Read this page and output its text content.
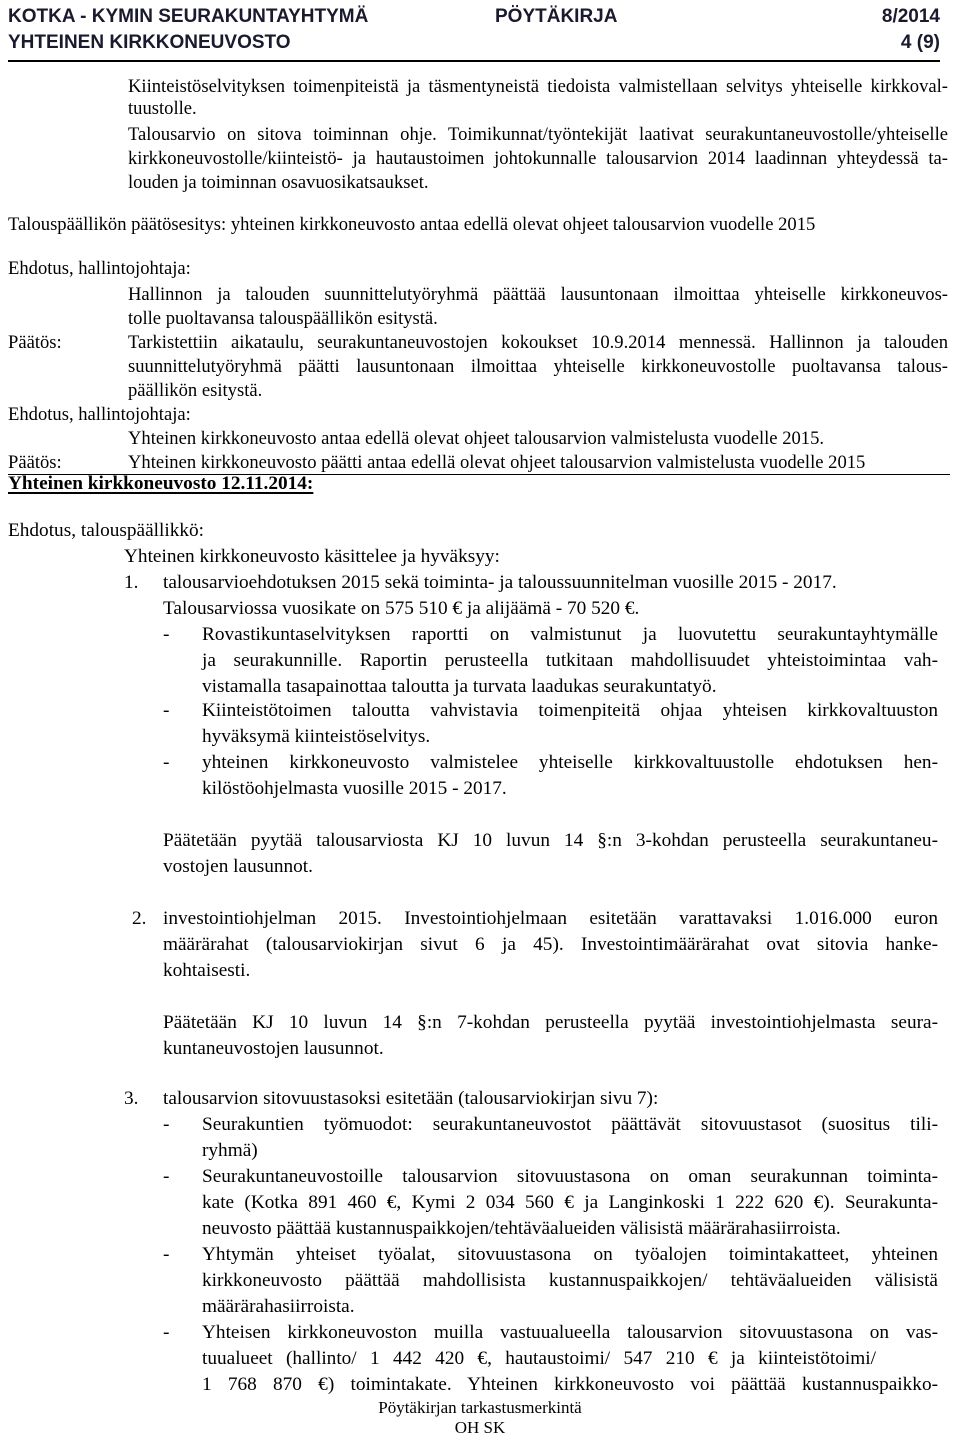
KOTKA - KYMIN SEURAKUNTAYHTYMÄ	PÖYTÄKIRJA	8/2014
YHTEINEN KIRKKONEUVOSTO	4 (9)
Kiinteistöselvityksen toimenpiteistä ja täsmentyneistä tiedoista valmistellaan selvitys yhteiselle kirkkoval-
tuustolle.
Talousarvio on sitova toiminnan ohje. Toimikunnat/työntekijät laativat seurakuntaneuvostolle/yhteiselle
kirkkoneuvostolle/kiinteistö- ja hautaustoimen johtokunnalle talousarvion 2014 laadinnan yhteydessä ta-
louden ja toiminnan osavuosikatsaukset.
Talouspäällikön päätösesitys: yhteinen kirkkoneuvosto antaa edellä olevat ohjeet talousarvion vuodelle 2015
Ehdotus, hallintojohtaja:
Hallinnon ja talouden suunnittelutyöryhmä päättää lausuntonaan ilmoittaa yhteiselle kirkkoneuvos-
tolle puoltavansa talouspäällikön esitystä.
Päätös:	Tarkistettiin aikataulu, seurakuntaneuvostojen kokoukset 10.9.2014 mennessä. Hallinnon ja talouden
suunnittelutyöryhmä päätti lausuntonaan ilmoittaa yhteiselle kirkkoneuvostolle puoltavansa talous-
päällikön esitystä.
Ehdotus, hallintojohtaja:
Yhteinen kirkkoneuvosto antaa edellä olevat ohjeet talousarvion valmistelusta vuodelle 2015.
Päätös:	Yhteinen kirkkoneuvosto päätti antaa edellä olevat ohjeet talousarvion valmistelusta vuodelle 2015
Yhteinen kirkkoneuvosto 12.11.2014:
Ehdotus, talouspäällikkö:
Yhteinen kirkkoneuvosto käsittelee ja hyväksyy:
1. talousarvioehdotuksen 2015 sekä toiminta- ja taloussuunnitelman vuosille 2015 - 2017.
Talousarviossa vuosikate on 575 510 € ja alijäämä - 70 520 €.
- Rovastikuntaselvityksen raportti on valmistunut ja luovutettu seurakuntayhtymälle
ja seurakunnille. Raportin perusteella tutkitaan mahdollisuudet yhteistoimintaa vah-
vistamalla tasapainottaa taloutta ja turvata laadukas seurakuntatyö.
- Kiinteistötoimen taloutta vahvistavia toimenpiteitä ohjaa yhteisen kirkkovaltuuston
hyväksymä kiinteistöselvitys.
- yhteinen kirkkoneuvosto valmistelee yhteiselle kirkkovaltuustolle ehdotuksen hen-
kilöstöohjelmasta vuosille 2015 - 2017.
Päätetään pyytää talousarviosta KJ 10 luvun 14 §:n 3-kohdan perusteella seurakuntaneu-
vostojen lausunnot.
2. investointiohjelman 2015. Investointiohjelmaan esitetään varattavaksi 1.016.000 euron
määrärahat (talousarviokirjan sivut 6 ja 45). Investointimäärärahat ovat sitovia hanke-
kohtaisesti.
Päätetään KJ 10 luvun 14 §:n 7-kohdan perusteella pyytää investointiohjelmasta seura-
kuntaneuvostojen lausunnot.
3. talousarvion sitovuustasoksi esitetään (talousarviokirjan sivu 7):
- Seurakuntien työmuodot: seurakuntaneuvostot päättävät sitovuustasot (suositus tili-
ryhmä)
- Seurakuntaneuvostoille talousarvion sitovuustasona on oman seurakunnan toiminta-
kate (Kotka 891 460 €, Kymi 2 034 560 € ja Langinkoski 1 222 620 €). Seurakunta-
neuvosto päättää kustannuspaikkojen/tehtäväalueiden välisistä määrärahasiirroista.
- Yhtymän yhteiset työalat, sitovuustasona on työalojen toimintakatteet, yhteinen
kirkkoneuvosto päättää mahdollisista kustannuspaikkojen/ tehtäväalueiden välisistä
määrärahasiirroista.
- Yhteisen kirkkoneuvoston muilla vastuualueella talousarvion sitovuustasona on vas-
tuualueet (hallinto/ 1 442 420 €, hautaustoimi/ 547 210 € ja kiinteistötoimi/
1 768 870 €) toimintakate. Yhteinen kirkkoneuvosto voi päättää kustannuspaikko-
Pöytäkirjan tarkastusmerkintä
OH SK
